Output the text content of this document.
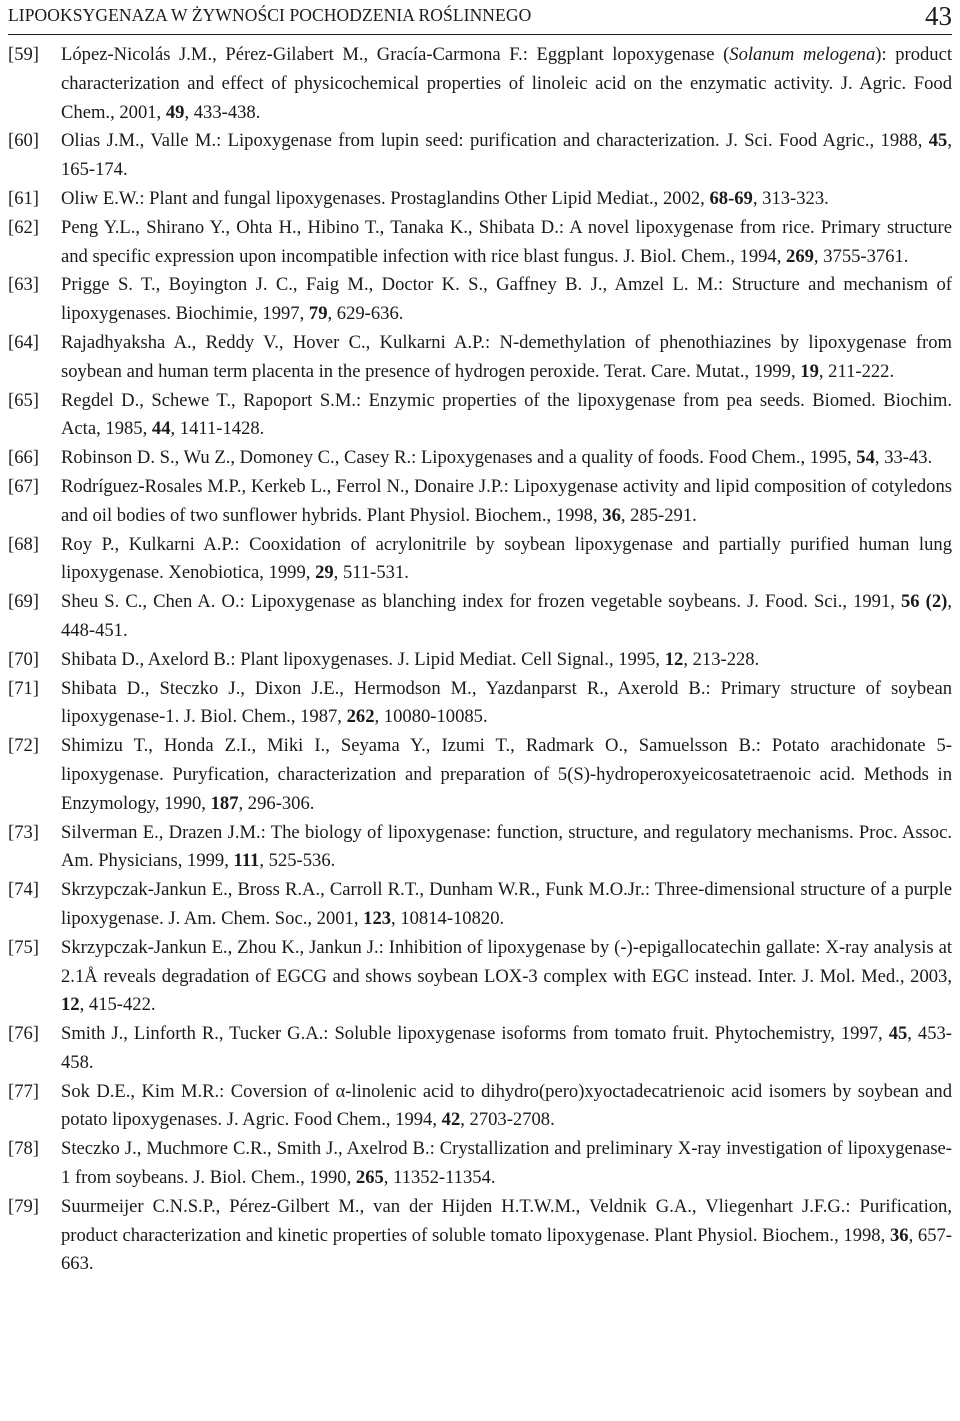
LIPOOKSYGENAZA W ŻYWNOŚCI POCHODZENIA ROŚLINNEGO	43
[59]	López-Nicolás J.M., Pérez-Gilabert M., Gracía-Carmona F.: Eggplant lopoxygenase (Solanum melogena): product characterization and effect of physicochemical properties of linoleic acid on the enzymatic activity. J. Agric. Food Chem., 2001, 49, 433-438.
[60]	Olias J.M., Valle M.: Lipoxygenase from lupin seed: purification and characterization. J. Sci. Food Agric., 1988, 45, 165-174.
[61]	Oliw E.W.: Plant and fungal lipoxygenases. Prostaglandins Other Lipid Mediat., 2002, 68-69, 313-323.
[62]	Peng Y.L., Shirano Y., Ohta H., Hibino T., Tanaka K., Shibata D.: A novel lipoxygenase from rice. Primary structure and specific expression upon incompatible infection with rice blast fungus. J. Biol. Chem., 1994, 269, 3755-3761.
[63]	Prigge S. T., Boyington J. C., Faig M., Doctor K. S., Gaffney B. J., Amzel L. M.: Structure and mechanism of lipoxygenases. Biochimie, 1997, 79, 629-636.
[64]	Rajadhyaksha A., Reddy V., Hover C., Kulkarni A.P.: N-demethylation of phenothiazines by lipoxygenase from soybean and human term placenta in the presence of hydrogen peroxide. Terat. Care. Mutat., 1999, 19, 211-222.
[65]	Regdel D., Schewe T., Rapoport S.M.: Enzymic properties of the lipoxygenase from pea seeds. Biomed. Biochim. Acta, 1985, 44, 1411-1428.
[66]	Robinson D. S., Wu Z., Domoney C., Casey R.: Lipoxygenases and a quality of foods. Food Chem., 1995, 54, 33-43.
[67]	Rodríguez-Rosales M.P., Kerkeb L., Ferrol N., Donaire J.P.: Lipoxygenase activity and lipid composition of cotyledons and oil bodies of two sunflower hybrids. Plant Physiol. Biochem., 1998, 36, 285-291.
[68]	Roy P., Kulkarni A.P.: Cooxidation of acrylonitrile by soybean lipoxygenase and partially purified human lung lipoxygenase. Xenobiotica, 1999, 29, 511-531.
[69]	Sheu S. C., Chen A. O.: Lipoxygenase as blanching index for frozen vegetable soybeans. J. Food. Sci., 1991, 56 (2), 448-451.
[70]	Shibata D., Axelord B.: Plant lipoxygenases. J. Lipid Mediat. Cell Signal., 1995, 12, 213-228.
[71]	Shibata D., Steczko J., Dixon J.E., Hermodson M., Yazdanparst R., Axerold B.: Primary structure of soybean lipoxygenase-1. J. Biol. Chem., 1987, 262, 10080-10085.
[72]	Shimizu T., Honda Z.I., Miki I., Seyama Y., Izumi T., Radmark O., Samuelsson B.: Potato arachidonate 5-lipoxygenase. Puryfication, characterization and preparation of 5(S)-hydroperoxyeicosatetraenoic acid. Methods in Enzymology, 1990, 187, 296-306.
[73]	Silverman E., Drazen J.M.: The biology of lipoxygenase: function, structure, and regulatory mechanisms. Proc. Assoc. Am. Physicians, 1999, 111, 525-536.
[74]	Skrzypczak-Jankun E., Bross R.A., Carroll R.T., Dunham W.R., Funk M.O.Jr.: Three-dimensional structure of a purple lipoxygenase. J. Am. Chem. Soc., 2001, 123, 10814-10820.
[75]	Skrzypczak-Jankun E., Zhou K., Jankun J.: Inhibition of lipoxygenase by (-)-epigallocatechin gallate: X-ray analysis at 2.1Å reveals degradation of EGCG and shows soybean LOX-3 complex with EGC instead. Inter. J. Mol. Med., 2003, 12, 415-422.
[76]	Smith J., Linforth R., Tucker G.A.: Soluble lipoxygenase isoforms from tomato fruit. Phytochemistry, 1997, 45, 453-458.
[77]	Sok D.E., Kim M.R.: Coversion of α-linolenic acid to dihydro(pero)xyoctadecatrienoic acid isomers by soybean and potato lipoxygenases. J. Agric. Food Chem., 1994, 42, 2703-2708.
[78]	Steczko J., Muchmore C.R., Smith J., Axelrod B.: Crystallization and preliminary X-ray investigation of lipoxygenase-1 from soybeans. J. Biol. Chem., 1990, 265, 11352-11354.
[79]	Suurmeijer C.N.S.P., Pérez-Gilbert M., van der Hijden H.T.W.M., Veldnik G.A., Vliegenhart J.F.G.: Purification, product characterization and kinetic properties of soluble tomato lipoxygenase. Plant Physiol. Biochem., 1998, 36, 657-663.
